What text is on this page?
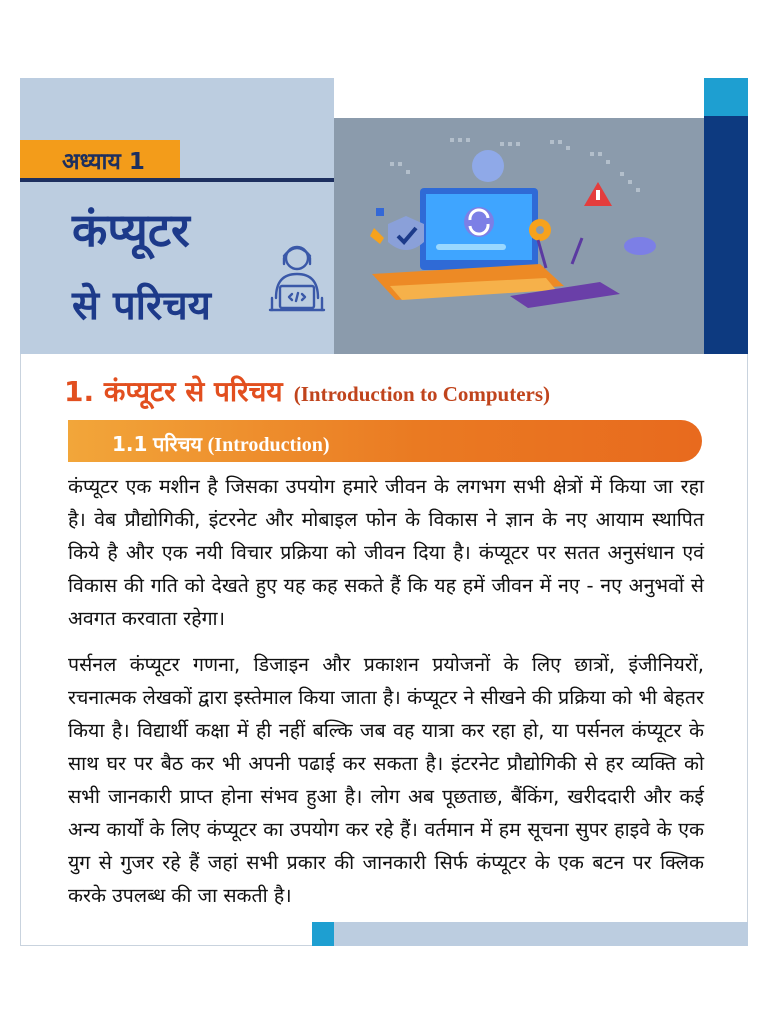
अध्याय 1
कंप्यूटर
से परिचय
1. कंप्यूटर से परिचय (Introduction to Computers)
1.1 परिचय (Introduction)

कंप्यूटर एक मशीन है जिसका उपयोग हमारे जीवन के लगभग सभी क्षेत्रों में किया जा रहा है। वेब प्रौद्योगिकी, इंटरनेट और मोबाइल फोन के विकास ने ज्ञान के नए आयाम स्थापित किये है और एक नयी विचार प्रक्रिया को जीवन दिया है। कंप्यूटर पर सतत अनुसंधान एवं विकास की गति को देखते हुए यह कह सकते हैं कि यह हमें जीवन में नए - नए अनुभवों से अवगत करवाता रहेगा।

पर्सनल कंप्यूटर गणना, डिजाइन और प्रकाशन प्रयोजनों के लिए छात्रों, इंजीनियरों, रचनात्मक लेखकों द्वारा इस्तेमाल किया जाता है। कंप्यूटर ने सीखने की प्रक्रिया को भी बेहतर किया है। विद्यार्थी कक्षा में ही नहीं बल्कि जब वह यात्रा कर रहा हो, या पर्सनल कंप्यूटर के साथ घर पर बैठ कर भी अपनी पढाई कर सकता है। इंटरनेट प्रौद्योगिकी से हर व्यक्ति को सभी जानकारी प्राप्त होना संभव हुआ है। लोग अब पूछताछ, बैंकिंग, खरीददारी और कई अन्य कार्यों के लिए कंप्यूटर का उपयोग कर रहे हैं। वर्तमान में हम सूचना सुपर हाइवे के एक युग से गुजर रहे हैं जहां सभी प्रकार की जानकारी सिर्फ कंप्यूटर के एक बटन पर क्लिक करके उपलब्ध की जा सकती है।
